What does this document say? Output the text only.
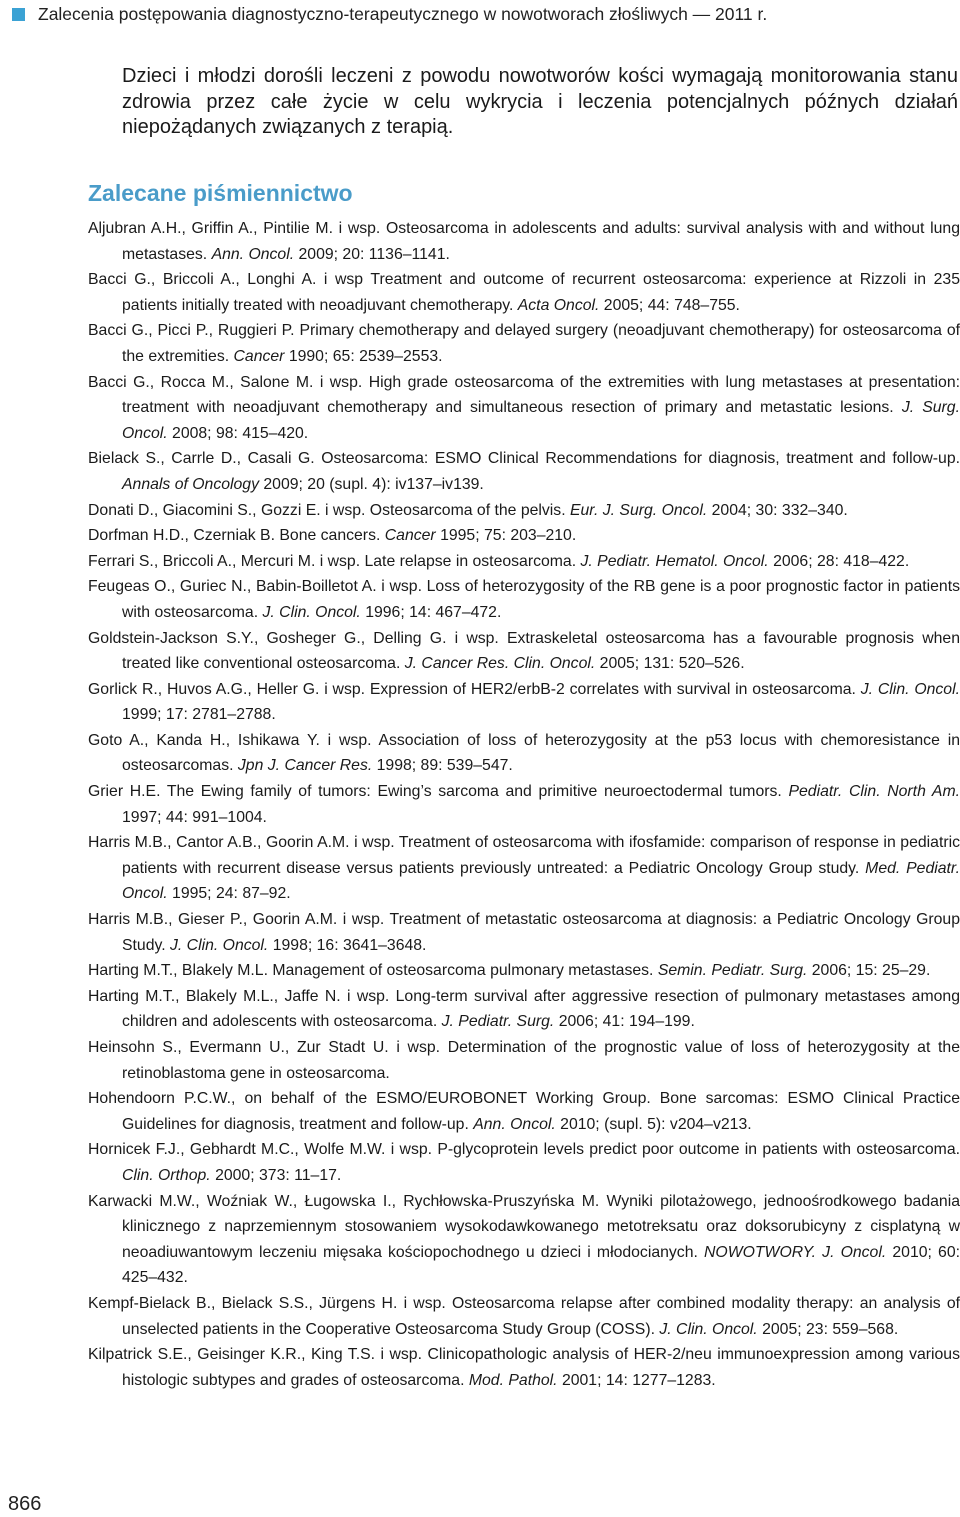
Zalecenia postępowania diagnostyczno-terapeutycznego w nowotworach złośliwych — 2011 r.

Dzieci i młodzi dorośli leczeni z powodu nowotworów kości wymagają monitorowania stanu zdrowia przez całe życie w celu wykrycia i leczenia potencjalnych późnych działań niepożądanych związanych z terapią.

Zalecane piśmiennictwo
Aljubran A.H., Griffin A., Pintilie M. i wsp. Osteosarcoma in adolescents and adults: survival analysis with and without lung metastases. Ann. Oncol. 2009; 20: 1136–1141.
Bacci G., Briccoli A., Longhi A. i wsp Treatment and outcome of recurrent osteosarcoma: experience at Rizzoli in 235 patients initially treated with neoadjuvant chemotherapy. Acta Oncol. 2005; 44: 748–755.
Bacci G., Picci P., Ruggieri P. Primary chemotherapy and delayed surgery (neoadjuvant chemotherapy) for osteosarcoma of the extremities. Cancer 1990; 65: 2539–2553.
Bacci G., Rocca M., Salone M. i wsp. High grade osteosarcoma of the extremities with lung metastases at presentation: treatment with neoadjuvant chemotherapy and simultaneous resection of primary and metastatic lesions. J. Surg. Oncol. 2008; 98: 415–420.
Bielack S., Carrle D., Casali G. Osteosarcoma: ESMO Clinical Recommendations for diagnosis, treatment and follow-up. Annals of Oncology 2009; 20 (supl. 4): iv137–iv139.
Donati D., Giacomini S., Gozzi E. i wsp. Osteosarcoma of the pelvis. Eur. J. Surg. Oncol. 2004; 30: 332–340.
Dorfman H.D., Czerniak B. Bone cancers. Cancer 1995; 75: 203–210.
Ferrari S., Briccoli A., Mercuri M. i wsp. Late relapse in osteosarcoma. J. Pediatr. Hematol. Oncol. 2006; 28: 418–422.
Feugeas O., Guriec N., Babin-Boilletot A. i wsp. Loss of heterozygosity of the RB gene is a poor prognostic factor in patients with osteosarcoma. J. Clin. Oncol. 1996; 14: 467–472.
Goldstein-Jackson S.Y., Gosheger G., Delling G. i wsp. Extraskeletal osteosarcoma has a favourable prognosis when treated like conventional osteosarcoma. J. Cancer Res. Clin. Oncol. 2005; 131: 520–526.
Gorlick R., Huvos A.G., Heller G. i wsp. Expression of HER2/erbB-2 correlates with survival in osteosarcoma. J. Clin. Oncol. 1999; 17: 2781–2788.
Goto A., Kanda H., Ishikawa Y. i wsp. Association of loss of heterozygosity at the p53 locus with chemoresistance in osteosarcomas. Jpn J. Cancer Res. 1998; 89: 539–547.
Grier H.E. The Ewing family of tumors: Ewing’s sarcoma and primitive neuroectodermal tumors. Pediatr. Clin. North Am. 1997; 44: 991–1004.
Harris M.B., Cantor A.B., Goorin A.M. i wsp. Treatment of osteosarcoma with ifosfamide: comparison of response in pediatric patients with recurrent disease versus patients previously untreated: a Pediatric Oncology Group study. Med. Pediatr. Oncol. 1995; 24: 87–92.
Harris M.B., Gieser P., Goorin A.M. i wsp. Treatment of metastatic osteosarcoma at diagnosis: a Pediatric Oncology Group Study. J. Clin. Oncol. 1998; 16: 3641–3648.
Harting M.T., Blakely M.L. Management of osteosarcoma pulmonary metastases. Semin. Pediatr. Surg. 2006; 15: 25–29.
Harting M.T., Blakely M.L., Jaffe N. i wsp. Long-term survival after aggressive resection of pulmonary metastases among children and adolescents with osteosarcoma. J. Pediatr. Surg. 2006; 41: 194–199.
Heinsohn S., Evermann U., Zur Stadt U. i wsp. Determination of the prognostic value of loss of heterozygosity at the retinoblastoma gene in osteosarcoma.
Hohendoorn P.C.W., on behalf of the ESMO/EUROBONET Working Group. Bone sarcomas: ESMO Clinical Practice Guidelines for diagnosis, treatment and follow-up. Ann. Oncol. 2010; (supl. 5): v204–v213.
Hornicek F.J., Gebhardt M.C., Wolfe M.W. i wsp. P-glycoprotein levels predict poor outcome in patients with osteosarcoma. Clin. Orthop. 2000; 373: 11–17.
Karwacki M.W., Woźniak W., Ługowska I., Rychłowska-Pruszyńska M. Wyniki pilotażowego, jednoośrodkowego badania klinicznego z naprzemiennym stosowaniem wysokodawkowanego metotreksatu oraz doksorubicyny z cisplatyną w neoadiuwantowym leczeniu mięsaka kościopochodnego u dzieci i młodocianych. NOWOTWORY. J. Oncol. 2010; 60: 425–432.
Kempf-Bielack B., Bielack S.S., Jürgens H. i wsp. Osteosarcoma relapse after combined modality therapy: an analysis of unselected patients in the Cooperative Osteosarcoma Study Group (COSS). J. Clin. Oncol. 2005; 23: 559–568.
Kilpatrick S.E., Geisinger K.R., King T.S. i wsp. Clinicopathologic analysis of HER-2/neu immunoexpression among various histologic subtypes and grades of osteosarcoma. Mod. Pathol. 2001; 14: 1277–1283.
866
